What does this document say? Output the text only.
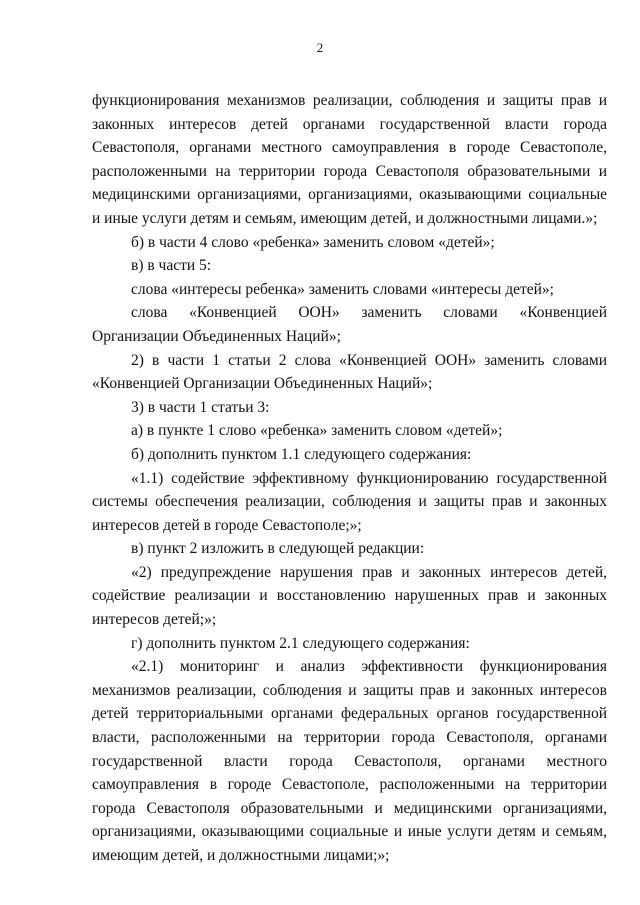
2

функционирования механизмов реализации, соблюдения и защиты прав и законных интересов детей органами государственной власти города Севастополя, органами местного самоуправления в городе Севастополе, расположенными на территории города Севастополя образовательными и медицинскими организациями, организациями, оказывающими социальные и иные услуги детям и семьям, имеющим детей, и должностными лицами.»;

б) в части 4 слово «ребенка» заменить словом «детей»;

в) в части 5:

слова «интересы ребенка» заменить словами «интересы детей»;

слова «Конвенцией ООН» заменить словами «Конвенцией Организации Объединенных Наций»;

2) в части 1 статьи 2 слова «Конвенцией ООН» заменить словами «Конвенцией Организации Объединенных Наций»;

3) в части 1 статьи 3:

а) в пункте 1 слово «ребенка» заменить словом «детей»;

б) дополнить пунктом 1.1 следующего содержания:

«1.1) содействие эффективному функционированию государственной системы обеспечения реализации, соблюдения и защиты прав и законных интересов детей в городе Севастополе;»;

в) пункт 2 изложить в следующей редакции:

«2) предупреждение нарушения прав и законных интересов детей, содействие реализации и восстановлению нарушенных прав и законных интересов детей;»;

г) дополнить пунктом 2.1 следующего содержания:

«2.1) мониторинг и анализ эффективности функционирования механизмов реализации, соблюдения и защиты прав и законных интересов детей территориальными органами федеральных органов государственной власти, расположенными на территории города Севастополя, органами государственной власти города Севастополя, органами местного самоуправления в городе Севастополе, расположенными на территории города Севастополя образовательными и медицинскими организациями, организациями, оказывающими социальные и иные услуги детям и семьям, имеющим детей, и должностными лицами;»;
